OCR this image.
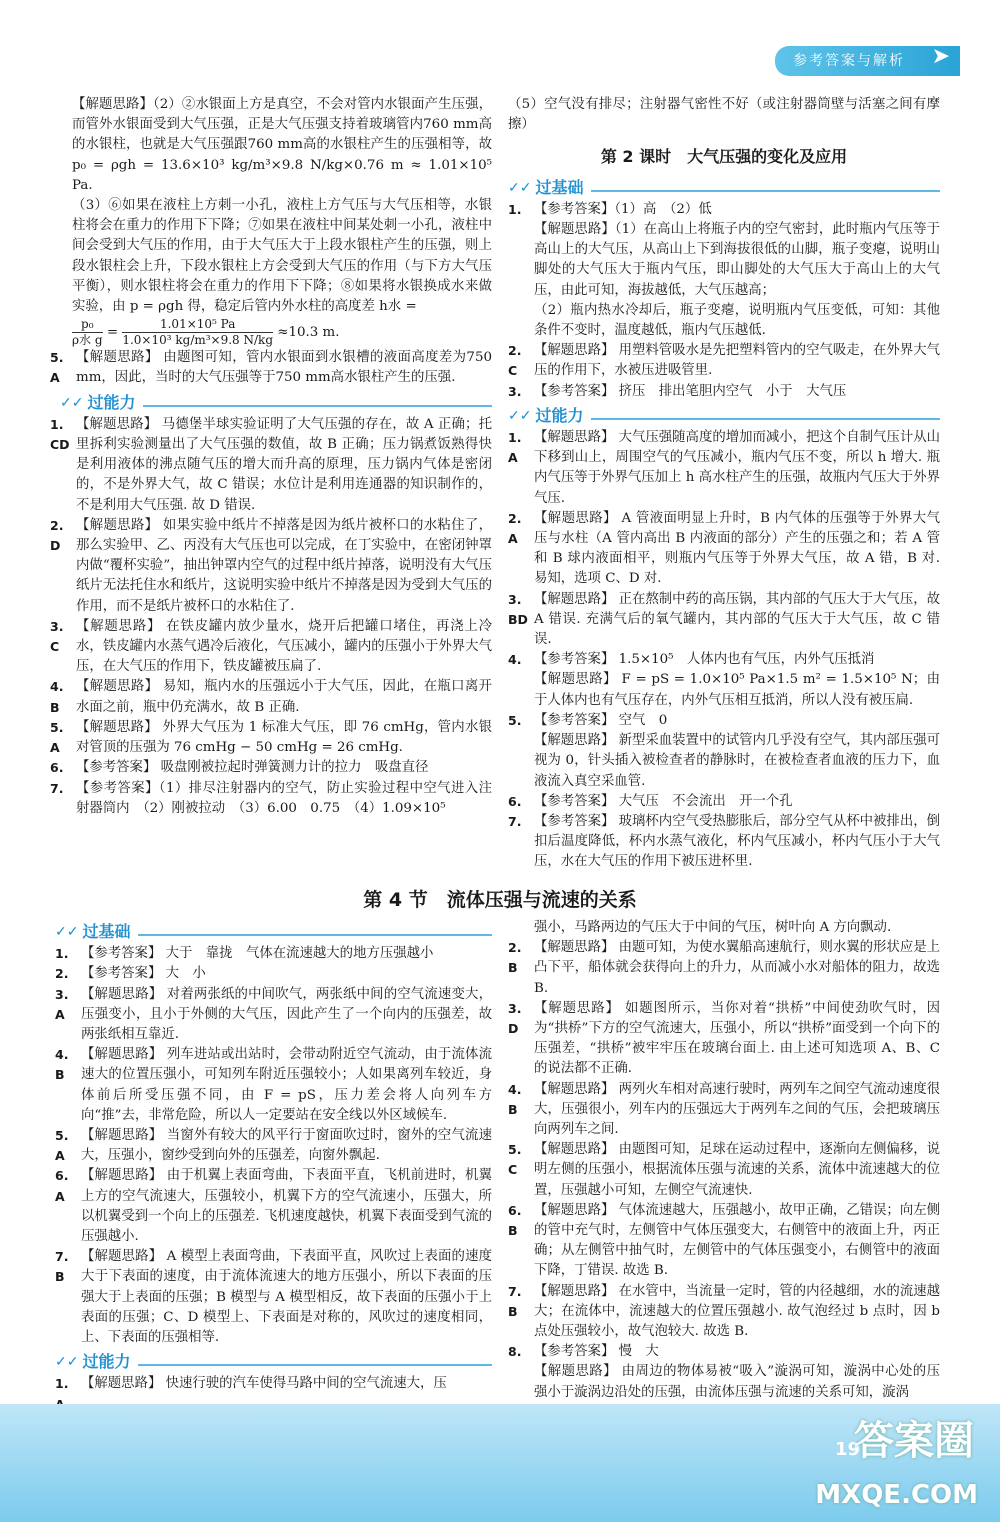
参考答案与解析	➤

【解题思路】（2）②水银面上方是真空，不会对管内水银面产生压强，而管外水银面受到大气压强，正是大气压强支持着玻璃管内760 mm高的水银柱，也就是大气压强跟760 mm高的水银柱产生的压强相等，故 p₀ = ρgh = 13.6×10³ kg/m³×9.8 N/kg×0.76 m ≈ 1.01×10⁵ Pa.

（3）⑥如果在液柱上方刺一小孔，液柱上方气压与大气压相等，水银柱将会在重力的作用下下降；⑦如果在液柱中间某处刺一小孔，液柱中间会受到大气压的作用，由于大气压大于上段水银柱产生的压强，则上段水银柱会上升，下段水银柱上方会受到大气压的作用（与下方大气压平衡），则水银柱将会在重力的作用下下降；⑧如果将水银换成水来做实验，由 p = ρgh 得，稳定后管内外水柱的高度差 h水 =

$\frac{\text{p₀}}{\text{ρ水 g}} = \frac{\text{1.01×10⁵ Pa}}{\text{1.0×10³ kg/m³×9.8 N/kg}} \approx 10.3$ m.

5. A
【解题思路】 由题图可知，管内水银面到水银槽的液面高度差为750 mm，因此，当时的大气压强等于750 mm高水银柱产生的压强.
✓✓ 过能力
1. CD
【解题思路】 马德堡半球实验证明了大气压强的存在，故 A 正确；托里拆利实验测量出了大气压强的数值，故 B 正确；压力锅煮饭熟得快是利用液体的沸点随气压的增大而升高的原理，压力锅内气体是密闭的，不是外界大气，故 C 错误；水位计是利用连通器的知识制作的，不是利用大气压强. 故 D 错误.
2. D
【解题思路】 如果实验中纸片不掉落是因为纸片被杯口的水粘住了，那么实验甲、乙、丙没有大气压也可以完成，在丁实验中，在密闭钟罩内做“覆杯实验”，抽出钟罩内空气的过程中纸片掉落，说明没有大气压纸片无法托住水和纸片，这说明实验中纸片不掉落是因为受到大气压的作用，而不是纸片被杯口的水粘住了.
3. C
【解题思路】 在铁皮罐内放少量水，烧开后把罐口堵住，再浇上冷水，铁皮罐内水蒸气遇冷后液化，气压减小，罐内的压强小于外界大气压，在大气压的作用下，铁皮罐被压扁了.
4. B
【解题思路】 易知，瓶内水的压强远小于大气压，因此，在瓶口离开水面之前，瓶中仍充满水，故 B 正确.
5. A
【解题思路】 外界大气压为 1 标准大气压，即 76 cmHg，管内水银对管顶的压强为 76 cmHg − 50 cmHg = 26 cmHg.
6. 【参考答案】 吸盘刚被拉起时弹簧测力计的拉力　吸盘直径
7. 【参考答案】（1）排尽注射器内的空气，防止实验过程中空气进入注射器筒内　（2）刚被拉动　（3）6.00　0.75　（4）1.09×10⁵

（5）空气没有排尽；注射器气密性不好（或注射器筒壁与活塞之间有摩擦）

第 2 课时　大气压强的变化及应用
✓✓ 过基础
1. 【参考答案】（1）高　（2）低
【解题思路】（1）在高山上将瓶子内的空气密封，此时瓶内气压等于高山上的大气压，从高山上下到海拔很低的山脚，瓶子变瘪，说明山脚处的大气压大于瓶内气压，即山脚处的大气压大于高山上的大气压，由此可知，海拔越低，大气压越高；
（2）瓶内热水冷却后，瓶子变瘪，说明瓶内气压变低，可知：其他条件不变时，温度越低，瓶内气压越低.
2. C
【解题思路】 用塑料管吸水是先把塑料管内的空气吸走，在外界大气压的作用下，水被压进吸管里.
3. 【参考答案】 挤压　排出笔胆内空气　小于　大气压
✓✓ 过能力
1. A
【解题思路】 大气压强随高度的增加而减小，把这个自制气压计从山下移到山上，周围空气的气压减小，瓶内气压不变，所以 h 增大. 瓶内气压等于外界气压加上 h 高水柱产生的压强，故瓶内气压大于外界气压.
2. A
【解题思路】 A 管液面明显上升时，B 内气体的压强等于外界大气压与水柱（A 管内高出 B 内液面的部分）产生的压强之和；若 A 管和 B 球内液面相平，则瓶内气压等于外界大气压，故 A 错，B 对. 易知，选项 C、D 对.
3. BD
【解题思路】 正在熬制中药的高压锅，其内部的气压大于大气压，故 A 错误. 充满气后的氧气罐内，其内部的气压大于大气压，故 C 错误.
4. 【参考答案】 1.5×10⁵　人体内也有气压，内外气压抵消
【解题思路】 F = pS = 1.0×10⁵ Pa×1.5 m² = 1.5×10⁵ N；由于人体内也有气压存在，内外气压相互抵消，所以人没有被压扁.
5. 【参考答案】 空气　0
【解题思路】 新型采血装置中的试管内几乎没有空气，其内部压强可视为 0，针头插入被检查者的静脉时，在被检查者血液的压力下，血液流入真空采血管.
6. 【参考答案】 大气压　不会流出　开一个孔
7. 【参考答案】 玻璃杯内空气受热膨胀后，部分空气从杯中被排出，倒扣后温度降低，杯内水蒸气液化，杯内气压减小，杯内气压小于大气压，水在大气压的作用下被压进杯里.
第 4 节　流体压强与流速的关系
✓✓ 过基础
1. 【参考答案】 大于　靠拢　气体在流速越大的地方压强越小
2. 【参考答案】 大　小
3. A
【解题思路】 对着两张纸的中间吹气，两张纸中间的空气流速变大，压强变小，且小于外侧的大气压，因此产生了一个向内的压强差，故两张纸相互靠近.
4. B
【解题思路】 列车进站或出站时，会带动附近空气流动，由于流体流速大的位置压强小，可知列车附近压强较小；人如果离列车较近，身体前后所受压强不同，由 F = pS，压力差会将人向列车方向“推”去，非常危险，所以人一定要站在安全线以外区域候车.
5. A
【解题思路】 当窗外有较大的风平行于窗面吹过时，窗外的空气流速大，压强小，窗纱受到向外的压强差，向窗外飘起.
6. A
【解题思路】 由于机翼上表面弯曲，下表面平直，飞机前进时，机翼上方的空气流速大，压强较小，机翼下方的空气流速小，压强大，所以机翼受到一个向上的压强差. 飞机速度越快，机翼下表面受到气流的压强越小.
7. B
【解题思路】 A 模型上表面弯曲，下表面平直，风吹过上表面的速度大于下表面的速度，由于流体流速大的地方压强小，所以下表面的压强大于上表面的压强；B 模型与 A 模型相反，故下表面的压强小于上表面的压强；C、D 模型上、下表面是对称的，风吹过的速度相同，上、下表面的压强相等.
✓✓ 过能力
1. 【解题思路】 快速行驶的汽车使得马路中间的空气流速大，压

强小，马路两边的气压大于中间的气压，树叶向 A 方向飘动.

2. B
【解题思路】 由题可知，为使水翼船高速航行，则水翼的形状应是上凸下平，船体就会获得向上的升力，从而减小水对船体的阻力，故选 B.
3. D
【解题思路】 如题图所示，当你对着“拱桥”中间使劲吹气时，因为“拱桥”下方的空气流速大，压强小，所以“拱桥”面受到一个向下的压强差，“拱桥”被牢牢压在玻璃台面上. 由上述可知选项 A、B、C 的说法都不正确.
4. B
【解题思路】 两列火车相对高速行驶时，两列车之间空气流动速度很大，压强很小，列车内的压强远大于两列车之间的气压，会把玻璃压向两列车之间.
5. C
【解题思路】 由题图可知，足球在运动过程中，逐渐向左侧偏移，说明左侧的压强小，根据流体压强与流速的关系，流体中流速越大的位置，压强越小可知，左侧空气流速快.
6. B
【解题思路】 气体流速越大，压强越小，故甲正确，乙错误；向左侧的管中充气时，左侧管中气体压强变大，右侧管中的液面上升，丙正确；从左侧管中抽气时，左侧管中的气体压强变小，右侧管中的液面下降，丁错误. 故选 B.
7. B
【解题思路】 在水管中，当流量一定时，管的内径越细，水的流速越大；在流体中，流速越大的位置压强越小. 故气泡经过 b 点时，因 b 点处压强较小，故气泡较大. 故选 B.
8. 【参考答案】 慢　大
【解题思路】 由周边的物体易被“吸入”漩涡可知，漩涡中心处的压强小于漩涡边沿处的压强，由流体压强与流速的关系可知，漩涡
19
答案圈
MXQE.COM
